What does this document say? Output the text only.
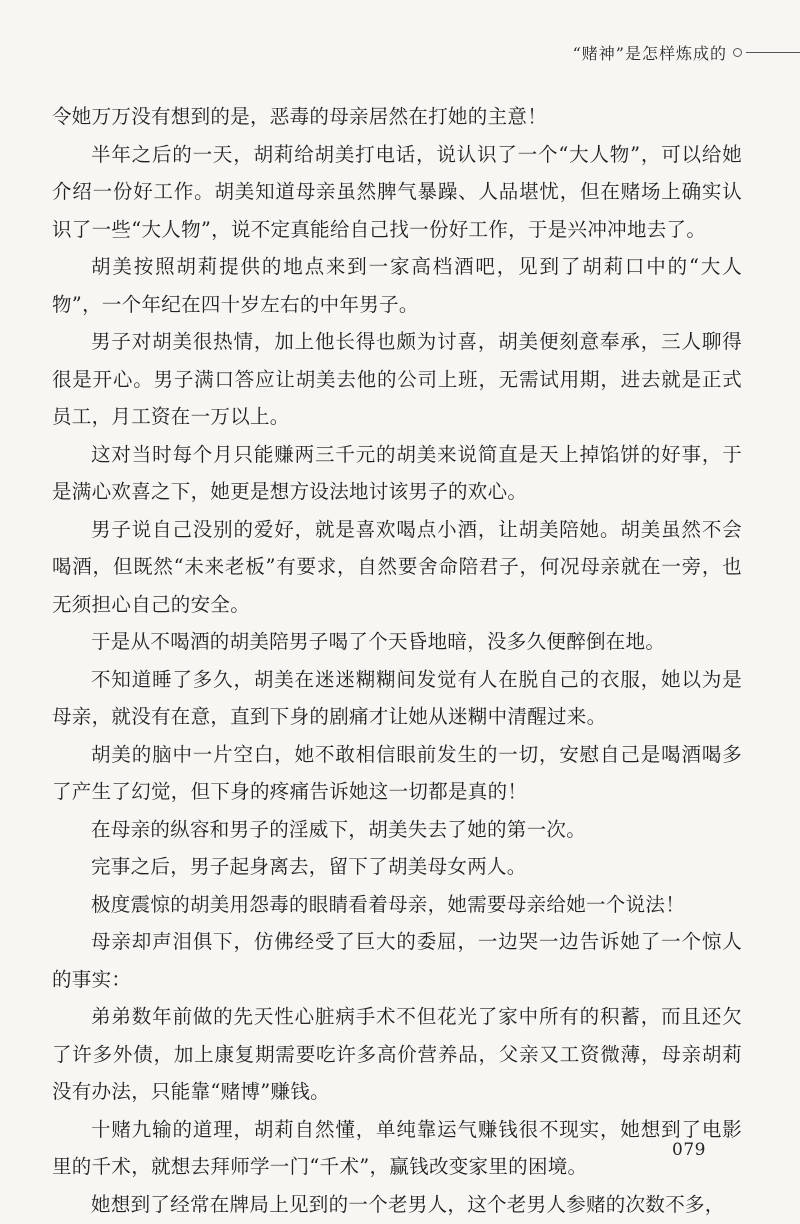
“赌神”是怎样炼成的

令她万万没有想到的是，恶毒的母亲居然在打她的主意！

半年之后的一天，胡莉给胡美打电话，说认识了一个“大人物”，可以给她介绍一份好工作。胡美知道母亲虽然脾气暴躁、人品堪忧，但在赌场上确实认识了一些“大人物”，说不定真能给自己找一份好工作，于是兴冲冲地去了。

胡美按照胡莉提供的地点来到一家高档酒吧，见到了胡莉口中的“大人物”，一个年纪在四十岁左右的中年男子。

男子对胡美很热情，加上他长得也颇为讨喜，胡美便刻意奉承，三人聊得很是开心。男子满口答应让胡美去他的公司上班，无需试用期，进去就是正式员工，月工资在一万以上。

这对当时每个月只能赚两三千元的胡美来说简直是天上掉馅饼的好事，于是满心欢喜之下，她更是想方设法地讨该男子的欢心。

男子说自己没别的爱好，就是喜欢喝点小酒，让胡美陪她。胡美虽然不会喝酒，但既然“未来老板”有要求，自然要舍命陪君子，何况母亲就在一旁，也无须担心自己的安全。

于是从不喝酒的胡美陪男子喝了个天昏地暗，没多久便醉倒在地。

不知道睡了多久，胡美在迷迷糊糊间发觉有人在脱自己的衣服，她以为是母亲，就没有在意，直到下身的剧痛才让她从迷糊中清醒过来。

胡美的脑中一片空白，她不敢相信眼前发生的一切，安慰自己是喝酒喝多了产生了幻觉，但下身的疼痛告诉她这一切都是真的！

在母亲的纵容和男子的淫威下，胡美失去了她的第一次。

完事之后，男子起身离去，留下了胡美母女两人。

极度震惊的胡美用怨毒的眼睛看着母亲，她需要母亲给她一个说法！

母亲却声泪俱下，仿佛经受了巨大的委屈，一边哭一边告诉她了一个惊人的事实：

弟弟数年前做的先天性心脏病手术不但花光了家中所有的积蓄，而且还欠了许多外债，加上康复期需要吃许多高价营养品，父亲又工资微薄，母亲胡莉没有办法，只能靠“赌博”赚钱。

十赌九输的道理，胡莉自然懂，单纯靠运气赚钱很不现实，她想到了电影里的千术，就想去拜师学一门“千术”，赢钱改变家里的困境。

她想到了经常在牌局上见到的一个老男人，这个老男人参赌的次数不多，

079
